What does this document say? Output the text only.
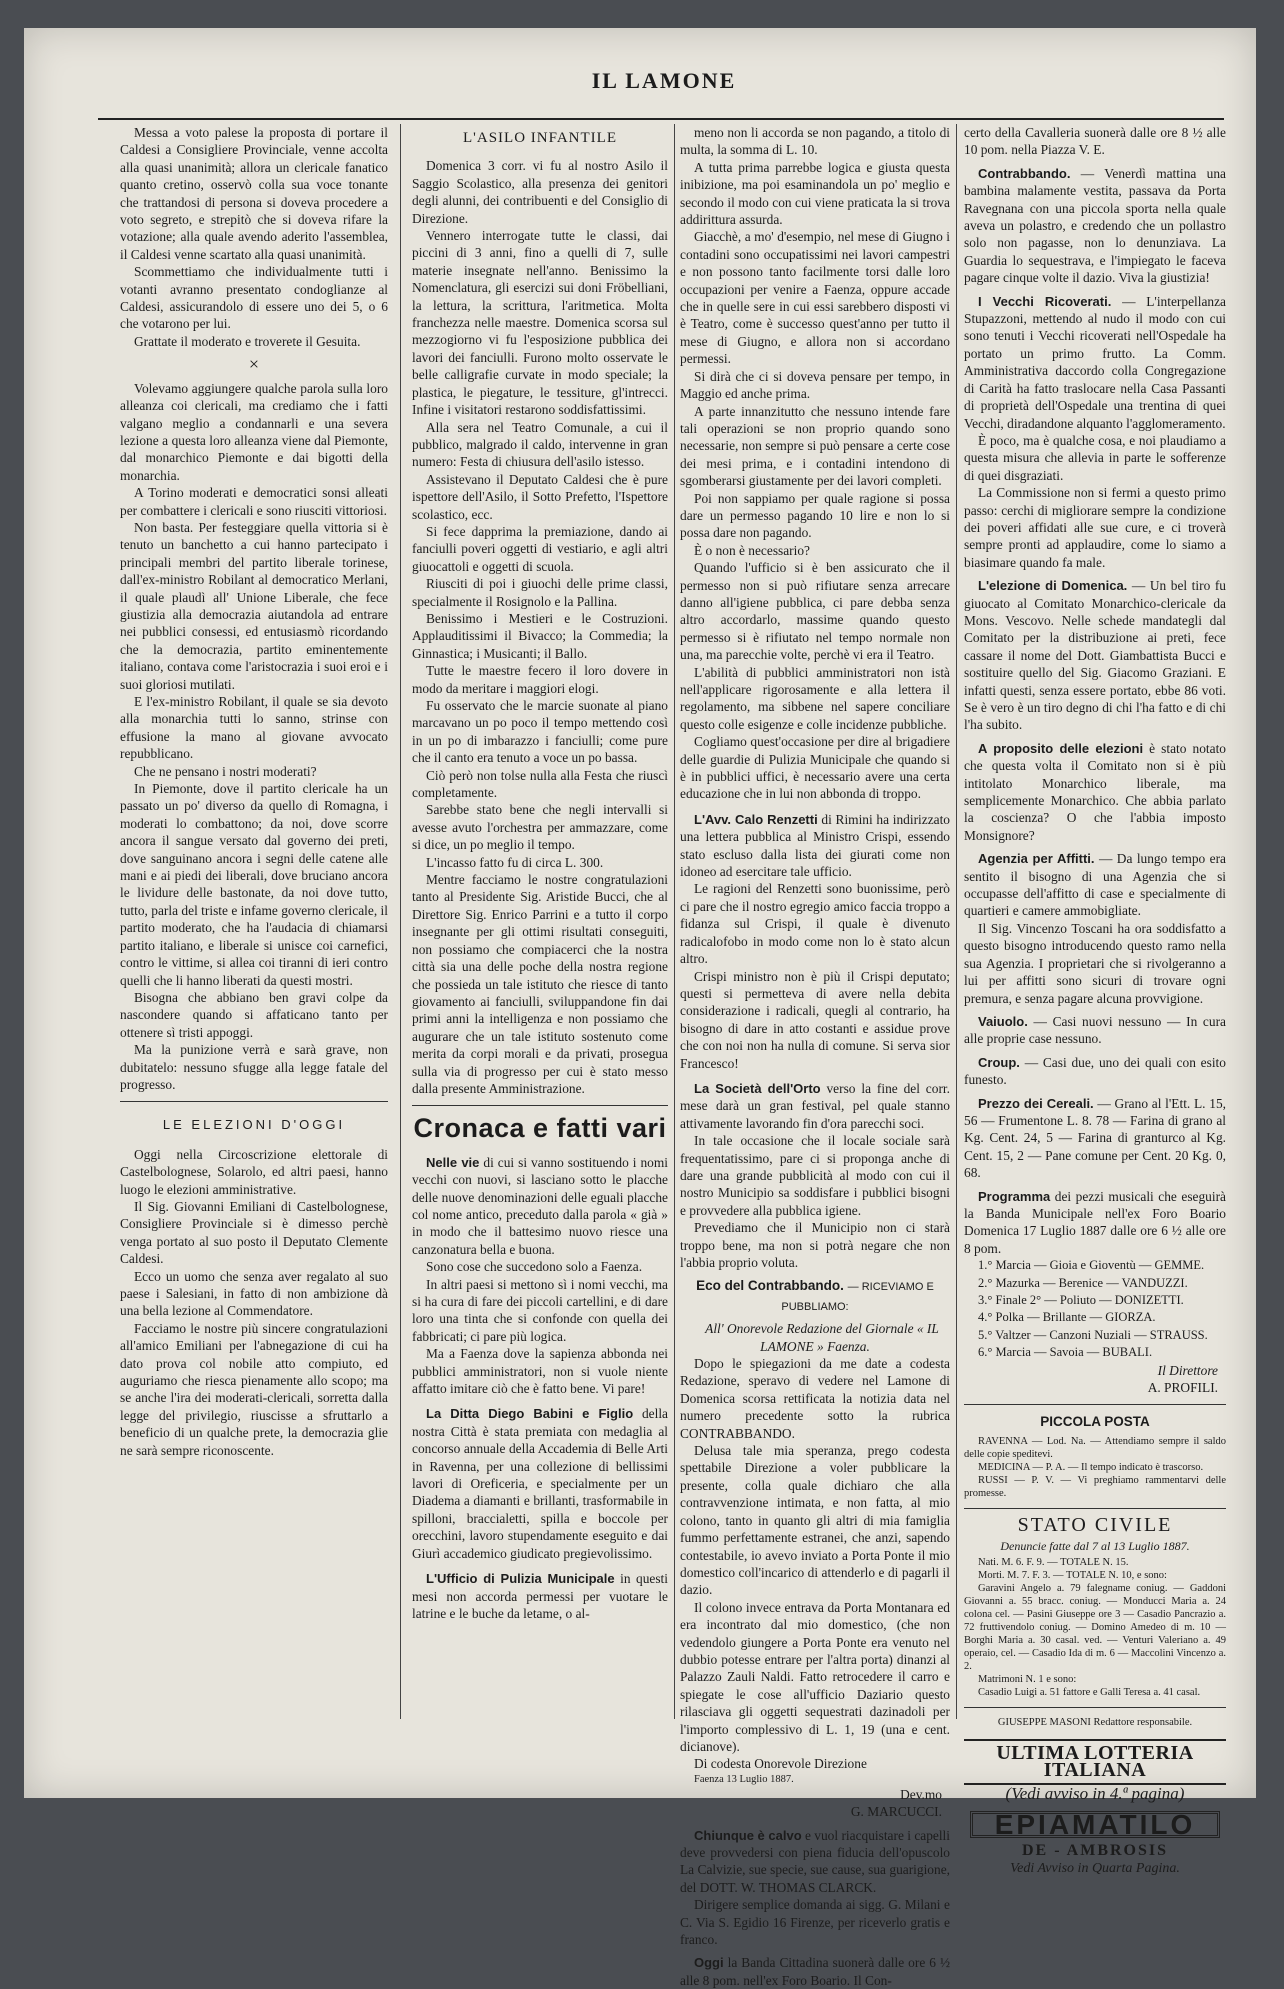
IL LAMONE

Messa a voto palese la proposta di portare il Caldesi a Consigliere Provinciale, venne accolta alla quasi unanimità; allora un clericale fanatico quanto cretino, osservò colla sua voce tonante che trattandosi di persona si doveva procedere a voto segreto, e strepitò che si doveva rifare la votazione; alla quale avendo aderito l'assemblea, il Caldesi venne scartato alla quasi unanimità.

Scommettiamo che individualmente tutti i votanti avranno presentato condoglianze al Caldesi, assicurandolo di essere uno dei 5, o 6 che votarono per lui.

Grattate il moderato e troverete il Gesuita.

×

Volevamo aggiungere qualche parola sulla loro alleanza coi clericali, ma crediamo che i fatti valgano meglio a condannarli e una severa lezione a questa loro alleanza viene dal Piemonte, dal monarchico Piemonte e dai bigotti della monarchia.

A Torino moderati e democratici sonsi alleati per combattere i clericali e sono riusciti vittoriosi.

Non basta. Per festeggiare quella vittoria si è tenuto un banchetto a cui hanno partecipato i principali membri del partito liberale torinese, dall'ex-ministro Robilant al democratico Merlani, il quale plaudì all' Unione Liberale, che fece giustizia alla democrazia aiutandola ad entrare nei pubblici consessi, ed entusiasmò ricordando che la democrazia, partito eminentemente italiano, contava come l'aristocrazia i suoi eroi e i suoi gloriosi mutilati.

E l'ex-ministro Robilant, il quale se sia devoto alla monarchia tutti lo sanno, strinse con effusione la mano al giovane avvocato repubblicano.

Che ne pensano i nostri moderati?

In Piemonte, dove il partito clericale ha un passato un po' diverso da quello di Romagna, i moderati lo combattono; da noi, dove scorre ancora il sangue versato dal governo dei preti, dove sanguinano ancora i segni delle catene alle mani e ai piedi dei liberali, dove bruciano ancora le lividure delle bastonate, da noi dove tutto, tutto, parla del triste e infame governo clericale, il partito moderato, che ha l'audacia di chiamarsi partito italiano, e liberale si unisce coi carnefici, contro le vittime, si allea coi tiranni di ieri contro quelli che li hanno liberati da questi mostri.

Bisogna che abbiano ben gravi colpe da nascondere quando si affaticano tanto per ottenere sì tristi appoggi.

Ma la punizione verrà e sarà grave, non dubitatelo: nessuno sfugge alla legge fatale del progresso.

LE ELEZIONI D'OGGI

Oggi nella Circoscrizione elettorale di Castelbolognese, Solarolo, ed altri paesi, hanno luogo le elezioni amministrative.

Il Sig. Giovanni Emiliani di Castelbolognese, Consigliere Provinciale si è dimesso perchè venga portato al suo posto il Deputato Clemente Caldesi.

Ecco un uomo che senza aver regalato al suo paese i Salesiani, in fatto di non ambizione dà una bella lezione al Commendatore.

Facciamo le nostre più sincere congratulazioni all'amico Emiliani per l'abnegazione di cui ha dato prova col nobile atto compiuto, ed auguriamo che riesca pienamente allo scopo; ma se anche l'ira dei moderati-clericali, sorretta dalla legge del privilegio, riuscisse a sfruttarlo a beneficio di un qualche prete, la democrazia glie ne sarà sempre riconoscente.

L'ASILO INFANTILE

Domenica 3 corr. vi fu al nostro Asilo il Saggio Scolastico, alla presenza dei genitori degli alunni, dei contribuenti e del Consiglio di Direzione.

Vennero interrogate tutte le classi, dai piccini di 3 anni, fino a quelli di 7, sulle materie insegnate nell'anno. Benissimo la Nomenclatura, gli esercizi sui doni Fröbelliani, la lettura, la scrittura, l'aritmetica. Molta franchezza nelle maestre. Domenica scorsa sul mezzogiorno vi fu l'esposizione pubblica dei lavori dei fanciulli. Furono molto osservate le belle calligrafie curvate in modo speciale; la plastica, le piegature, le tessiture, gl'intrecci. Infine i visitatori restarono soddisfattissimi.

Alla sera nel Teatro Comunale, a cui il pubblico, malgrado il caldo, intervenne in gran numero: Festa di chiusura dell'asilo istesso.

Assistevano il Deputato Caldesi che è pure ispettore dell'Asilo, il Sotto Prefetto, l'Ispettore scolastico, ecc.

Si fece dapprima la premiazione, dando ai fanciulli poveri oggetti di vestiario, e agli altri giuocattoli e oggetti di scuola.

Riusciti di poi i giuochi delle prime classi, specialmente il Rosignolo e la Pallina.

Benissimo i Mestieri e le Costruzioni. Applauditissimi il Bivacco; la Commedia; la Ginnastica; i Musicanti; il Ballo.

Tutte le maestre fecero il loro dovere in modo da meritare i maggiori elogi.

Fu osservato che le marcie suonate al piano marcavano un po poco il tempo mettendo così in un po di imbarazzo i fanciulli; come pure che il canto era tenuto a voce un po bassa.

Ciò però non tolse nulla alla Festa che riuscì completamente.

Sarebbe stato bene che negli intervalli si avesse avuto l'orchestra per ammazzare, come si dice, un po meglio il tempo.

L'incasso fatto fu di circa L. 300.

Mentre facciamo le nostre congratulazioni tanto al Presidente Sig. Aristide Bucci, che al Direttore Sig. Enrico Parrini e a tutto il corpo insegnante per gli ottimi risultati conseguiti, non possiamo che compiacerci che la nostra città sia una delle poche della nostra regione che possieda un tale istituto che riesce di tanto giovamento ai fanciulli, sviluppandone fin dai primi anni la intelligenza e non possiamo che augurare che un tale istituto sostenuto come merita da corpi morali e da privati, prosegua sulla via di progresso per cui è stato messo dalla presente Amministrazione.

Cronaca e fatti vari

Nelle vie di cui si vanno sostituendo i nomi vecchi con nuovi, si lasciano sotto le placche delle nuove denominazioni delle eguali placche col nome antico, preceduto dalla parola « già » in modo che il battesimo nuovo riesce una canzonatura bella e buona.

Sono cose che succedono solo a Faenza.

In altri paesi si mettono sì i nomi vecchi, ma si ha cura di fare dei piccoli cartellini, e di dare loro una tinta che si confonde con quella dei fabbricati; ci pare più logica.

Ma a Faenza dove la sapienza abbonda nei pubblici amministratori, non si vuole niente affatto imitare ciò che è fatto bene. Vi pare!

La Ditta Diego Babini e Figlio della nostra Città è stata premiata con medaglia al concorso annuale della Accademia di Belle Arti in Ravenna, per una collezione di bellissimi lavori di Oreficeria, e specialmente per un Diadema a diamanti e brillanti, trasformabile in spilloni, braccialetti, spilla e boccole per orecchini, lavoro stupendamente eseguito e dai Giurì accademico giudicato pregievolissimo.

L'Ufficio di Pulizia Municipale in questi mesi non accorda permessi per vuotare le latrine e le buche da letame, o al-

meno non li accorda se non pagando, a titolo di multa, la somma di L. 10.

A tutta prima parrebbe logica e giusta questa inibizione, ma poi esaminandola un po' meglio e secondo il modo con cui viene praticata la si trova addirittura assurda.

Giacchè, a mo' d'esempio, nel mese di Giugno i contadini sono occupatissimi nei lavori campestri e non possono tanto facilmente torsi dalle loro occupazioni per venire a Faenza, oppure accade che in quelle sere in cui essi sarebbero disposti vi è Teatro, come è successo quest'anno per tutto il mese di Giugno, e allora non si accordano permessi.

Si dirà che ci si doveva pensare per tempo, in Maggio ed anche prima.

A parte innanzitutto che nessuno intende fare tali operazioni se non proprio quando sono necessarie, non sempre si può pensare a certe cose dei mesi prima, e i contadini intendono di sgomberarsi giustamente per dei lavori completi.

Poi non sappiamo per quale ragione si possa dare un permesso pagando 10 lire e non lo si possa dare non pagando.

È o non è necessario?

Quando l'ufficio si è ben assicurato che il permesso non si può rifiutare senza arrecare danno all'igiene pubblica, ci pare debba senza altro accordarlo, massime quando questo permesso si è rifiutato nel tempo normale non una, ma parecchie volte, perchè vi era il Teatro.

L'abilità di pubblici amministratori non istà nell'applicare rigorosamente e alla lettera il regolamento, ma sibbene nel sapere conciliare questo colle esigenze e colle incidenze pubbliche.

Cogliamo quest'occasione per dire al brigadiere delle guardie di Pulizia Municipale che quando si è in pubblici uffici, è necessario avere una certa educazione che in lui non abbonda di troppo.

L'Avv. Calo Renzetti di Rimini ha indirizzato una lettera pubblica al Ministro Crispi, essendo stato escluso dalla lista dei giurati come non idoneo ad esercitare tale ufficio.

Le ragioni del Renzetti sono buonissime, però ci pare che il nostro egregio amico faccia troppo a fidanza sul Crispi, il quale è divenuto radicalofobo in modo come non lo è stato alcun altro.

Crispi ministro non è più il Crispi deputato; questi si permetteva di avere nella debita considerazione i radicali, quegli al contrario, ha bisogno di dare in atto costanti e assidue prove che con noi non ha nulla di comune. Si serva sior Francesco!

La Società dell'Orto verso la fine del corr. mese darà un gran festival, pel quale stanno attivamente lavorando fin d'ora parecchi soci.

In tale occasione che il locale sociale sarà frequentatissimo, pare ci si proponga anche di dare una grande pubblicità al modo con cui il nostro Municipio sa soddisfare i pubblici bisogni e provvedere alla pubblica igiene.

Prevediamo che il Municipio non ci starà troppo bene, ma non si potrà negare che non l'abbia proprio voluta.

Eco del Contrabbando. — RICEVIAMO E PUBBLIAMO:

All' Onorevole Redazione del Giornale « IL LAMONE » Faenza.

Dopo le spiegazioni da me date a codesta Redazione, speravo di vedere nel Lamone di Domenica scorsa rettificata la notizia data nel numero precedente sotto la rubrica CONTRABBANDO.

Delusa tale mia speranza, prego codesta spettabile Direzione a voler pubblicare la presente, colla quale dichiaro che alla contravvenzione intimata, e non fatta, al mio colono, tanto in quanto gli altri di mia famiglia fummo perfettamente estranei, che anzi, sapendo contestabile, io avevo inviato a Porta Ponte il mio domestico coll'incarico di attenderlo e di pagarli il dazio.

Il colono invece entrava da Porta Montanara ed era incontrato dal mio domestico, (che non vedendolo giungere a Porta Ponte era venuto nel dubbio potesse entrare per l'altra porta) dinanzi al Palazzo Zauli Naldi. Fatto retrocedere il carro e spiegate le cose all'ufficio Daziario questo rilasciava gli oggetti sequestrati dazinadoli per l'importo complessivo di L. 1, 19 (una e cent. dicianove).

Di codesta Onorevole Direzione

Faenza 13 Luglio 1887.

Dev.mo

G. MARCUCCI.

Chiunque è calvo e vuol riacquistare i capelli deve provvedersi con piena fiducia dell'opuscolo La Calvizie, sue specie, sue cause, sua guarigione, del DOTT. W. THOMAS CLARCK.

Dirigere semplice domanda ai sigg. G. Milani e C. Via S. Egidio 16 Firenze, per riceverlo gratis e franco.

Oggi la Banda Cittadina suonerà dalle ore 6 ½ alle 8 pom. nell'ex Foro Boario. Il Con-

certo della Cavalleria suonerà dalle ore 8 ½ alle 10 pom. nella Piazza V. E.

Contrabbando. — Venerdì mattina una bambina malamente vestita, passava da Porta Ravegnana con una piccola sporta nella quale aveva un polastro, e credendo che un pollastro solo non pagasse, non lo denunziava. La Guardia lo sequestrava, e l'impiegato le faceva pagare cinque volte il dazio. Viva la giustizia!

I Vecchi Ricoverati. — L'interpellanza Stupazzoni, mettendo al nudo il modo con cui sono tenuti i Vecchi ricoverati nell'Ospedale ha portato un primo frutto. La Comm. Amministrativa daccordo colla Congregazione di Carità ha fatto traslocare nella Casa Passanti di proprietà dell'Ospedale una trentina di quei Vecchi, diradandone alquanto l'agglomeramento.

È poco, ma è qualche cosa, e noi plaudiamo a questa misura che allevia in parte le sofferenze di quei disgraziati.

La Commissione non si fermi a questo primo passo: cerchi di migliorare sempre la condizione dei poveri affidati alle sue cure, e ci troverà sempre pronti ad applaudire, come lo siamo a biasimare quando fa male.

L'elezione di Domenica. — Un bel tiro fu giuocato al Comitato Monarchico-clericale da Mons. Vescovo. Nelle schede mandategli dal Comitato per la distribuzione ai preti, fece cassare il nome del Dott. Giambattista Bucci e sostituire quello del Sig. Giacomo Graziani. E infatti questi, senza essere portato, ebbe 86 voti. Se è vero è un tiro degno di chi l'ha fatto e di chi l'ha subito.

A proposito delle elezioni è stato notato che questa volta il Comitato non si è più intitolato Monarchico liberale, ma semplicemente Monarchico. Che abbia parlato la coscienza? O che l'abbia imposto Monsignore?

Agenzia per Affitti. — Da lungo tempo era sentito il bisogno di una Agenzia che si occupasse dell'affitto di case e specialmente di quartieri e camere ammobigliate.

Il Sig. Vincenzo Toscani ha ora soddisfatto a questo bisogno introducendo questo ramo nella sua Agenzia. I proprietari che si rivolgeranno a lui per affitti sono sicuri di trovare ogni premura, e senza pagare alcuna provvigione.

Vaiuolo. — Casi nuovi nessuno — In cura alle proprie case nessuno.

Croup. — Casi due, uno dei quali con esito funesto.

Prezzo dei Cereali. — Grano al l'Ett. L. 15, 56 — Frumentone L. 8. 78 — Farina di grano al Kg. Cent. 24, 5 — Farina di granturco al Kg. Cent. 15, 2 — Pane comune per Cent. 20 Kg. 0, 68.

Programma dei pezzi musicali che eseguirà la Banda Municipale nell'ex Foro Boario Domenica 17 Luglio 1887 dalle ore 6 ½ alle ore 8 pom.

1.° Marcia — Gioia e Gioventù — GEMME.

2.° Mazurka — Berenice — VANDUZZI.

3.° Finale 2° — Poliuto — DONIZETTI.

4.° Polka — Brillante — GIORZA.

5.° Valtzer — Canzoni Nuziali — STRAUSS.

6.° Marcia — Savoia — BUBALI.

Il Direttore

A. PROFILI.

PICCOLA POSTA

RAVENNA — Lod. Na. — Attendiamo sempre il saldo delle copie speditevi.

MEDICINA — P. A. — Il tempo indicato è trascorso.

RUSSI — P. V. — Vi preghiamo rammentarvi delle promesse.

STATO CIVILE
Denuncie fatte dal 7 al 13 Luglio 1887.

Nati. M. 6. F. 9. — TOTALE N. 15.

Morti. M. 7. F. 3. — TOTALE N. 10, e sono:

Garavini Angelo a. 79 falegname coniug. — Gaddoni Giovanni a. 55 bracc. coniug. — Monducci Maria a. 24 colona cel. — Pasini Giuseppe ore 3 — Casadio Pancrazio a. 72 fruttivendolo coniug. — Domino Amedeo di m. 10 — Borghi Maria a. 30 casal. ved. — Venturi Valeriano a. 49 operaio, cel. — Casadio Ida di m. 6 — Maccolini Vincenzo a. 2.

Matrimoni N. 1 e sono:

Casadio Luigi a. 51 fattore e Galli Teresa a. 41 casal.

GIUSEPPE MASONI Redattore responsabile.

ULTIMA LOTTERIA ITALIANA
(Vedi avviso in 4.ª pagina)
EPIAMATILO
DE - AMBROSIS
Vedi Avviso in Quarta Pagina.
